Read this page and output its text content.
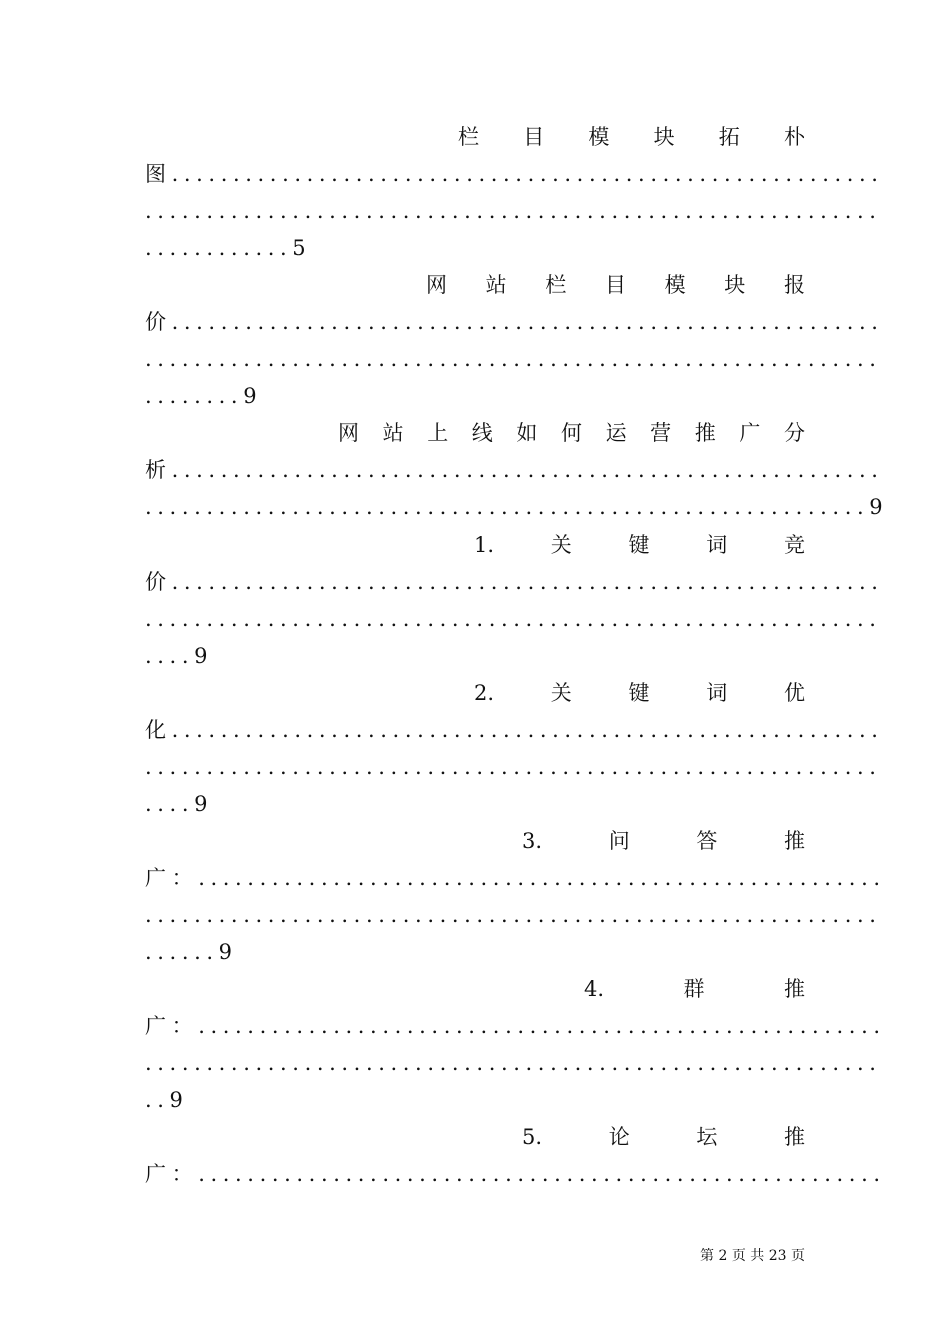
栏 目 模 块 拓 朴
图..........................................................
............................................................
............5
网 站 栏 目 模 块 报
价..........................................................
............................................................
........9
网 站 上 线 如 何 运 营 推 广 分
析..........................................................
...........................................................9
1.	关	键	词	竞
价..........................................................
............................................................
....9
2.	关	键	词	优
化..........................................................
............................................................
....9
3.	问	答	推
广：........................................................
............................................................
......9
4.	群	推
广：........................................................
............................................................
..9
5.	论	坛	推
广：........................................................
第 2 页 共 23 页
